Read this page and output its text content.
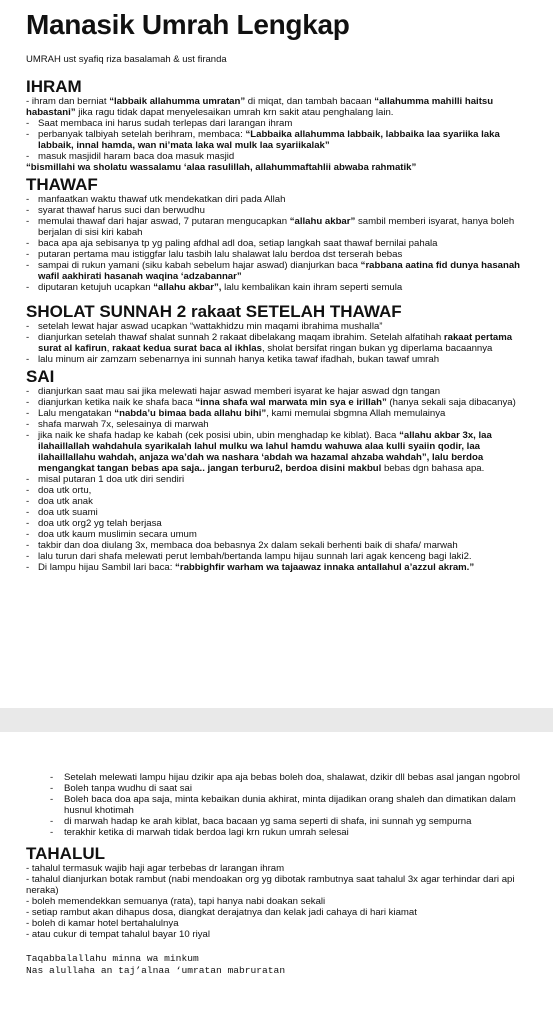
Manasik Umrah Lengkap

UMRAH ust syafiq riza basalamah & ust firanda

IHRAM

- ihram dan berniat “labbaik allahumma umratan” di miqat, dan tambah bacaan “allahumma mahilli haitsu habastani” jika ragu tidak dapat menyelesaikan umrah krn sakit atau penghalang lain.

- Saat membaca ini harus sudah terlepas dari larangan ihram
- perbanyak talbiyah setelah berihram, membaca: “Labbaika allahumma labbaik, labbaika laa syariika laka labbaik, innal hamda, wan ni’mata laka wal mulk laa syariikalak”
- masuk masjidil haram baca doa masuk masjid

“bismillahi wa sholatu wassalamu ‘alaa rasulillah, allahummaftahlii abwaba rahmatik”

THAWAF
- manfaatkan waktu thawaf utk mendekatkan diri pada Allah
- syarat thawaf harus suci dan berwudhu
- memulai thawaf dari hajar aswad, 7 putaran mengucapkan “allahu akbar” sambil memberi isyarat, hanya boleh berjalan di sisi kiri kabah
- baca apa aja sebisanya tp yg paling afdhal adl doa, setiap langkah saat thawaf bernilai pahala
- putaran pertama mau istiggfar lalu tasbih lalu shalawat lalu berdoa dst terserah bebas
- sampai di rukun yamani (siku kabah sebelum hajar aswad) dianjurkan baca “rabbana aatina fid dunya hasanah wafil aakhirati hasanah waqina ‘adzabannar”
- diputaran ketujuh ucapkan “allahu akbar”, lalu kembalikan kain ihram seperti semula
SHOLAT SUNNAH 2 rakaat SETELAH THAWAF
- setelah lewat hajar aswad ucapkan “wattakhidzu min maqami ibrahima mushalla”
- dianjurkan setelah thawaf shalat sunnah 2 rakaat dibelakang maqam ibrahim. Setelah alfatihah rakaat pertama surat al kafirun, rakaat kedua surat baca al ikhlas, sholat bersifat ringan bukan yg diperlama bacaannya
- lalu minum air zamzam sebenarnya ini sunnah hanya ketika tawaf ifadhah, bukan tawaf umrah
SAI
- dianjurkan saat mau sai jika melewati hajar aswad memberi isyarat ke hajar aswad dgn tangan
- dianjurkan ketika naik ke shafa baca “inna shafa wal marwata min sya e irillah” (hanya sekali saja dibacanya)
- Lalu mengatakan “nabda’u bimaa bada allahu bihi”, kami memulai sbgmna Allah memulainya
- shafa marwah 7x, selesainya di marwah
- jika naik ke shafa hadap ke kabah (cek posisi ubin, ubin menghadap ke kiblat). Baca “allahu akbar 3x, laa ilahaillallah wahdahula syarikalah lahul mulku wa lahul hamdu wahuwa alaa kulli syaiin qodir, laa ilahaillallahu wahdah, anjaza wa’dah wa nashara ‘abdah wa hazamal ahzaba wahdah”, lalu berdoa mengangkat tangan bebas apa saja.. jangan terburu2, berdoa disini makbul bebas dgn bahasa apa.
- misal putaran 1 doa utk diri sendiri
- doa utk ortu,
- doa utk anak
- doa utk suami
- doa utk org2 yg telah berjasa
- doa utk kaum muslimin secara umum
- takbir dan doa diulang 3x, membaca doa bebasnya 2x dalam sekali berhenti baik di shafa/ marwah
- lalu turun dari shafa melewati perut lembah/bertanda lampu hijau sunnah lari agak kenceng bagi laki2.
- Di lampu hijau Sambil lari baca: “rabbighfir warham wa tajaawaz innaka antallahul a’azzul akram.”
- Setelah melewati lampu hijau dzikir apa aja bebas boleh doa, shalawat, dzikir dll bebas asal jangan ngobrol
- Boleh tanpa wudhu di saat sai
- Boleh baca doa apa saja, minta kebaikan dunia akhirat, minta dijadikan orang shaleh dan dimatikan dalam husnul khotimah
- di marwah hadap ke arah kiblat, baca bacaan yg sama seperti di shafa, ini sunnah yg sempurna
- terakhir ketika di marwah tidak berdoa lagi krn rukun umrah selesai
TAHALUL

- tahalul termasuk wajib haji agar terbebas dr larangan ihram

- tahalul dianjurkan botak rambut (nabi mendoakan org yg dibotak rambutnya saat tahalul 3x agar terhindar dari api neraka)

- boleh memendekkan semuanya (rata), tapi hanya nabi doakan sekali

- setiap rambut akan dihapus dosa, diangkat derajatnya dan kelak jadi cahaya di hari kiamat

- boleh di kamar hotel bertahalulnya

- atau cukur di tempat tahalul bayar 10 riyal

Taqabbalallahu minna wa minkum

Nas alullaha an taj’alnaa ‘umratan mabruratan
